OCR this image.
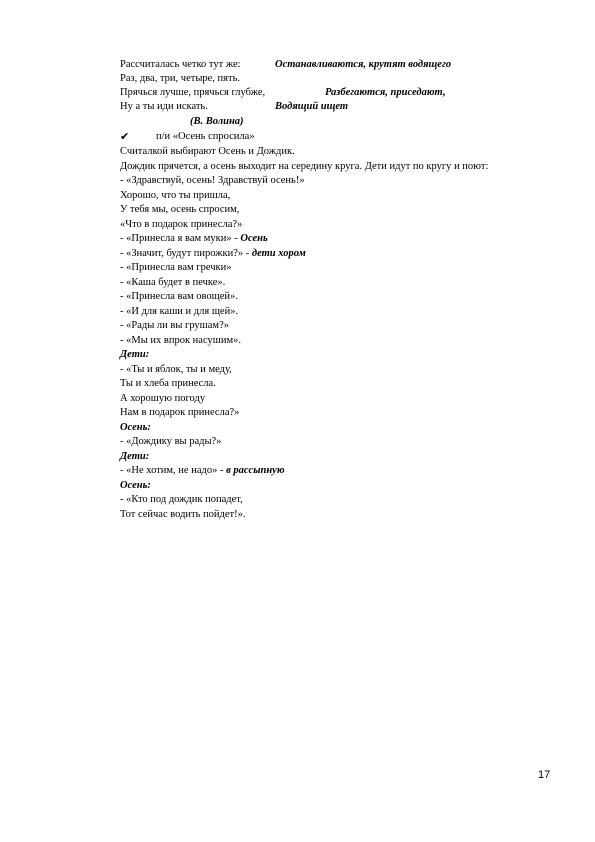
Рассчиталась четко тут же:	Останавливаются, крутят водящего
Раз, два, три, четыре, пять.
Прячься лучше, прячься глубже,	Разбегаются, приседают,
Ну а ты иди искать.	Водящий ищет
(В. Волина)
✔	п/и «Осень спросила»
Считалкой выбирают Осень и Дождик.
Дождик прячется, а осень выходит на середину круга. Дети идут по кругу и поют:
- «Здравствуй, осень! Здравствуй осень!»
Хорошо, что ты пришла,
У тебя мы, осень спросим,
«Что в подарок принесла?»
- «Принесла я вам муки» - Осень
- «Значит, будут пирожки?» - дети хором
- «Принесла вам гречки»
- «Каша будет в печке».
- «Принесла вам овощей».
- «И для каши и для щей».
- «Рады ли вы грушам?»
- «Мы их впрок насушим».
Дети:
- «Ты и яблок, ты и меду,
Ты и хлеба принесла.
А хорошую погоду
Нам в подарок принесла?»
Осень:
- «Дождику вы рады?»
Дети:
- «Не хотим, не надо» - в рассыпную
Осень:
- «Кто под дождик попадет,
Тот сейчас водить пойдет!».
17
